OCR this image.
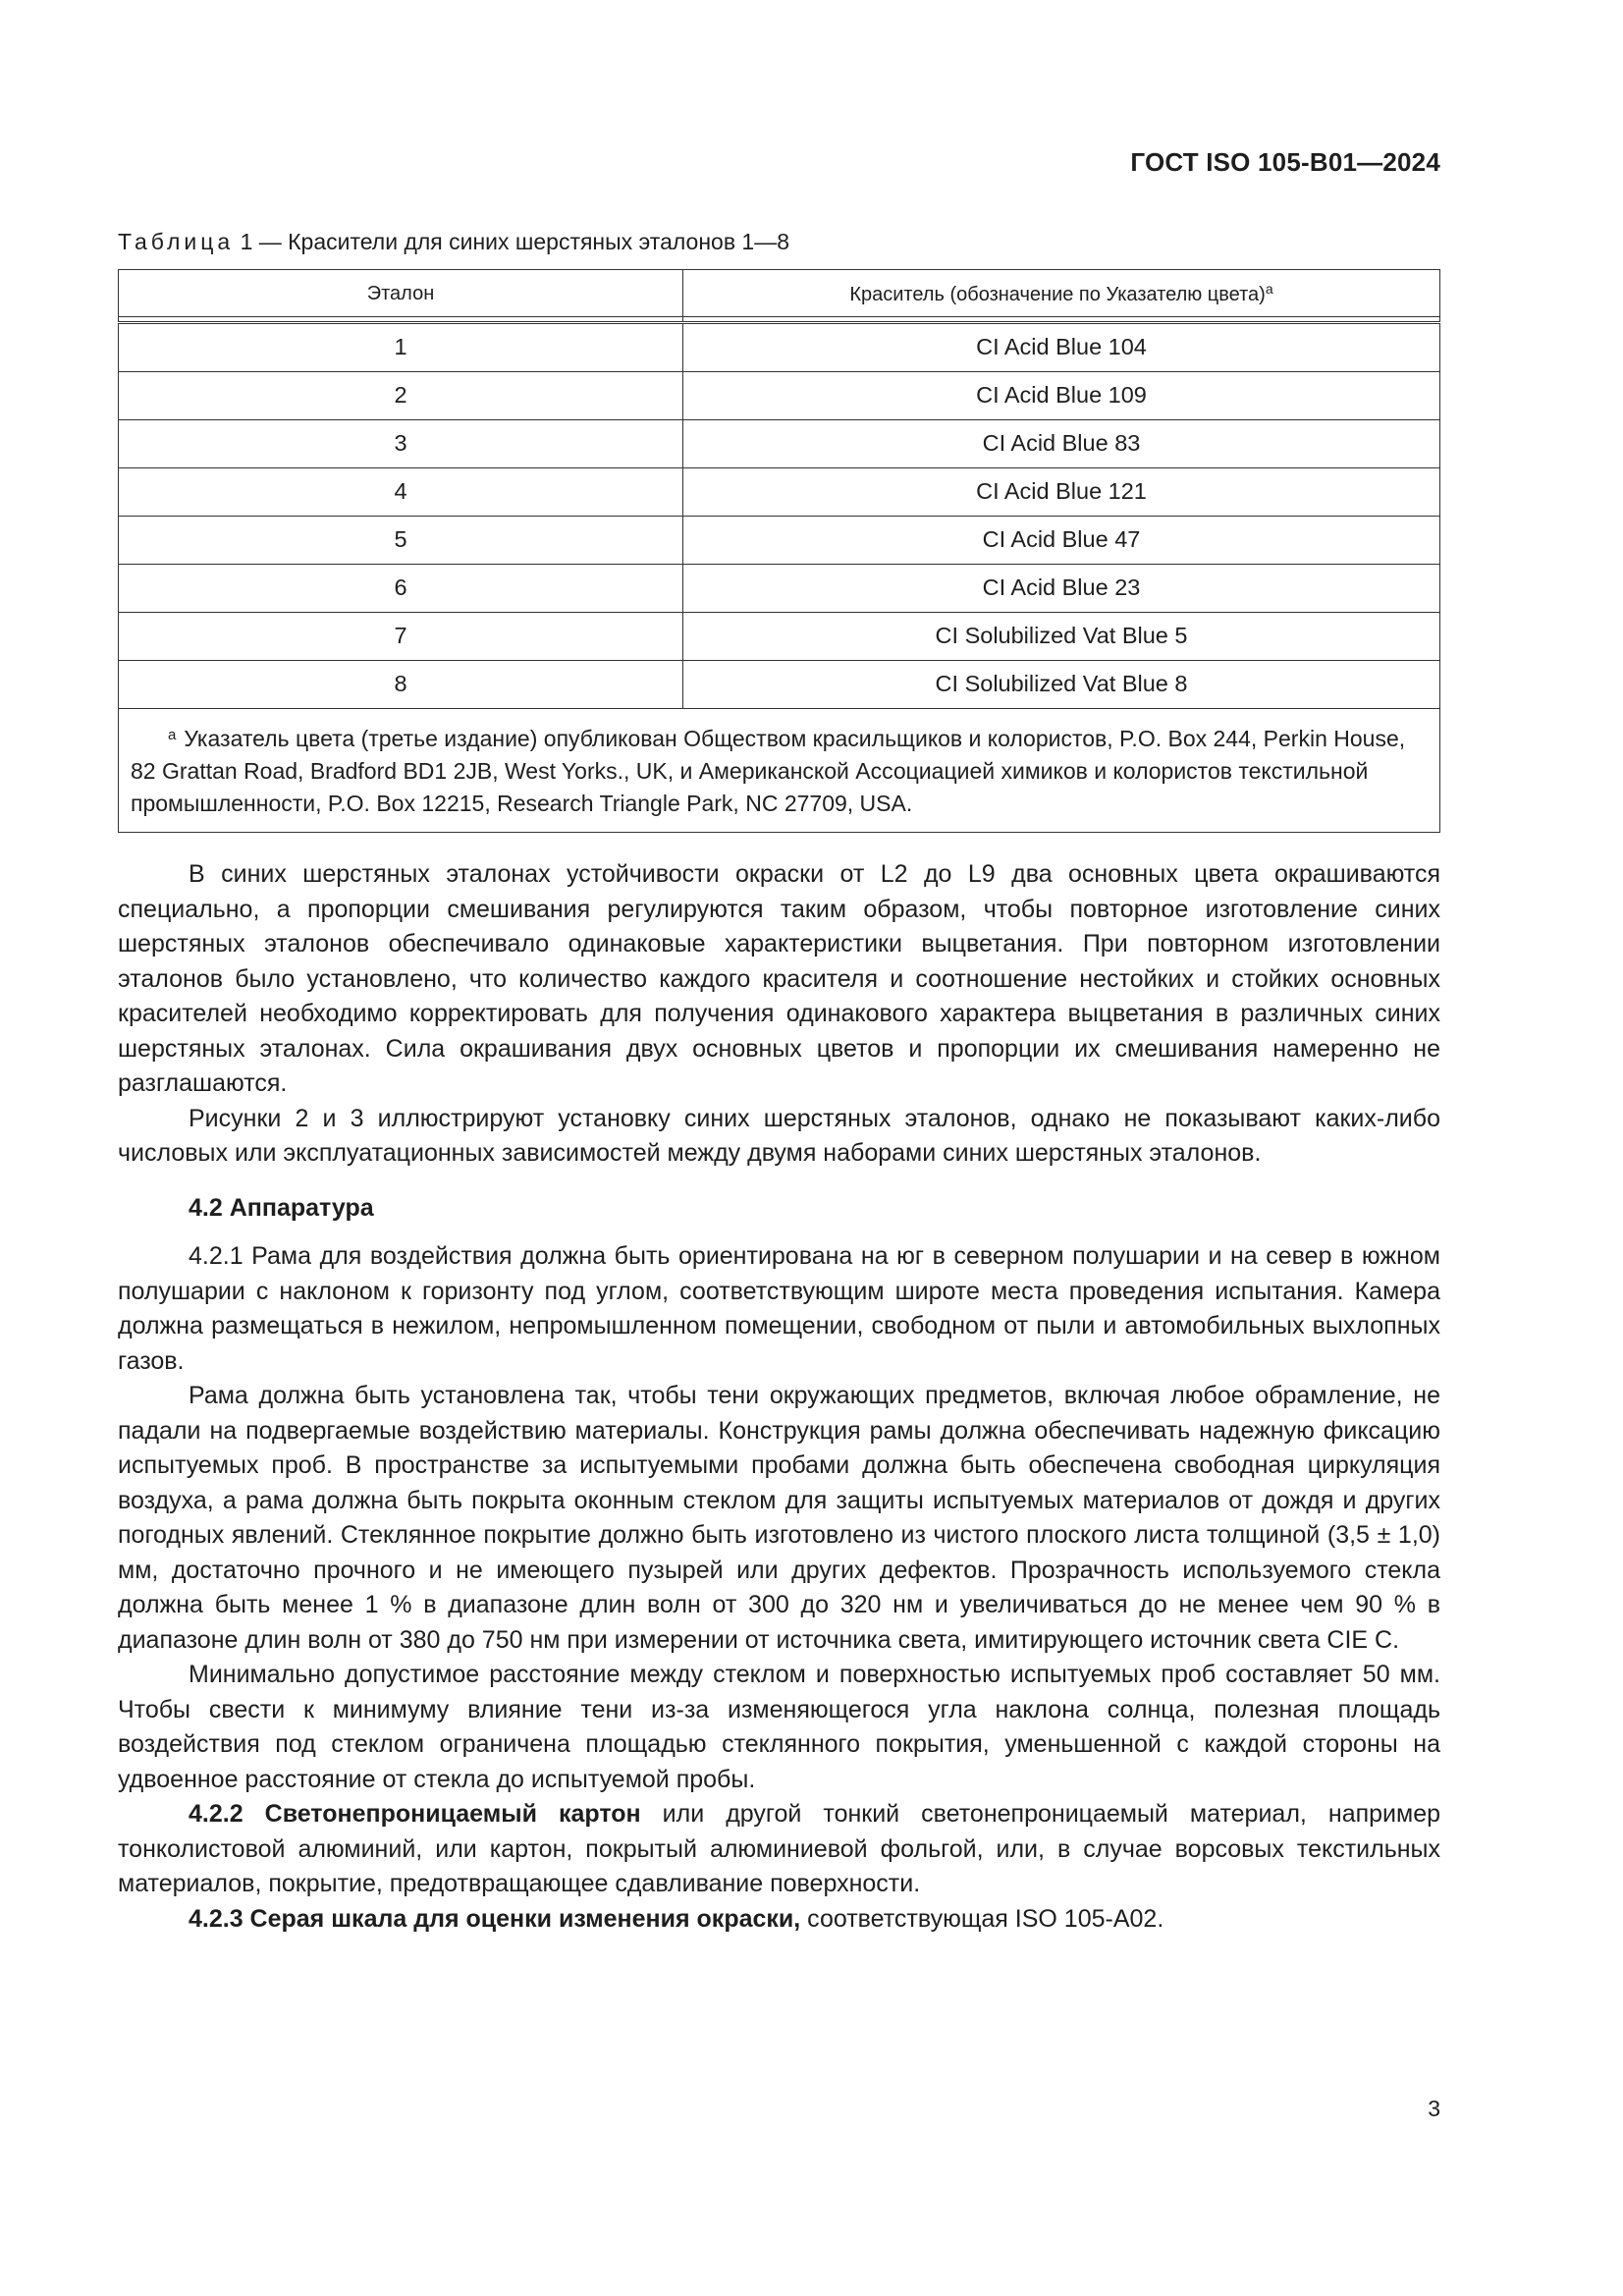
ГОСТ ISO 105-B01—2024
Таблица 1 — Красители для синих шерстяных эталонов 1—8
Эталон	Краситель (обозначение по Указателю цвета)$^a$

1	CI Acid Blue 104
2	CI Acid Blue 109
3	CI Acid Blue 83
4	CI Acid Blue 121
5	CI Acid Blue 47
6	CI Acid Blue 23
7	CI Solubilized Vat Blue 5
8	CI Solubilized Vat Blue 8
$^a$ Указатель цвета (третье издание) опубликован Обществом красильщиков и колористов, P.O. Box 244, Perkin House, 82 Grattan Road, Bradford BD1 2JB, West Yorks., UK, и Американской Ассоциацией химиков и колористов текстильной промышленности, P.O. Box 12215, Research Triangle Park, NC 27709, USA.	

В синих шерстяных эталонах устойчивости окраски от L2 до L9 два основных цвета окрашиваются специально, а пропорции смешивания регулируются таким образом, чтобы повторное изготовление синих шерстяных эталонов обеспечивало одинаковые характеристики выцветания. При повторном изготовлении эталонов было установлено, что количество каждого красителя и соотношение нестойких и стойких основных красителей необходимо корректировать для получения одинакового характера выцветания в различных синих шерстяных эталонах. Сила окрашивания двух основных цветов и пропорции их смешивания намеренно не разглашаются.

Рисунки 2 и 3 иллюстрируют установку синих шерстяных эталонов, однако не показывают каких-либо числовых или эксплуатационных зависимостей между двумя наборами синих шерстяных эталонов.

4.2 Аппаратура

4.2.1 Рама для воздействия должна быть ориентирована на юг в северном полушарии и на север в южном полушарии с наклоном к горизонту под углом, соответствующим широте места проведения испытания. Камера должна размещаться в нежилом, непромышленном помещении, свободном от пыли и автомобильных выхлопных газов.

Рама должна быть установлена так, чтобы тени окружающих предметов, включая любое обрамление, не падали на подвергаемые воздействию материалы. Конструкция рамы должна обеспечивать надежную фиксацию испытуемых проб. В пространстве за испытуемыми пробами должна быть обеспечена свободная циркуляция воздуха, а рама должна быть покрыта оконным стеклом для защиты испытуемых материалов от дождя и других погодных явлений. Стеклянное покрытие должно быть изготовлено из чистого плоского листа толщиной (3,5 ± 1,0) мм, достаточно прочного и не имеющего пузырей или других дефектов. Прозрачность используемого стекла должна быть менее 1 % в диапазоне длин волн от 300 до 320 нм и увеличиваться до не менее чем 90 % в диапазоне длин волн от 380 до 750 нм при измерении от источника света, имитирующего источник света CIE C.

Минимально допустимое расстояние между стеклом и поверхностью испытуемых проб составляет 50 мм. Чтобы свести к минимуму влияние тени из-за изменяющегося угла наклона солнца, полезная площадь воздействия под стеклом ограничена площадью стеклянного покрытия, уменьшенной с каждой стороны на удвоенное расстояние от стекла до испытуемой пробы.

4.2.2 Светонепроницаемый картон или другой тонкий светонепроницаемый материал, например тонколистовой алюминий, или картон, покрытый алюминиевой фольгой, или, в случае ворсовых текстильных материалов, покрытие, предотвращающее сдавливание поверхности.

4.2.3 Серая шкала для оценки изменения окраски, соответствующая ISO 105-A02.

3
